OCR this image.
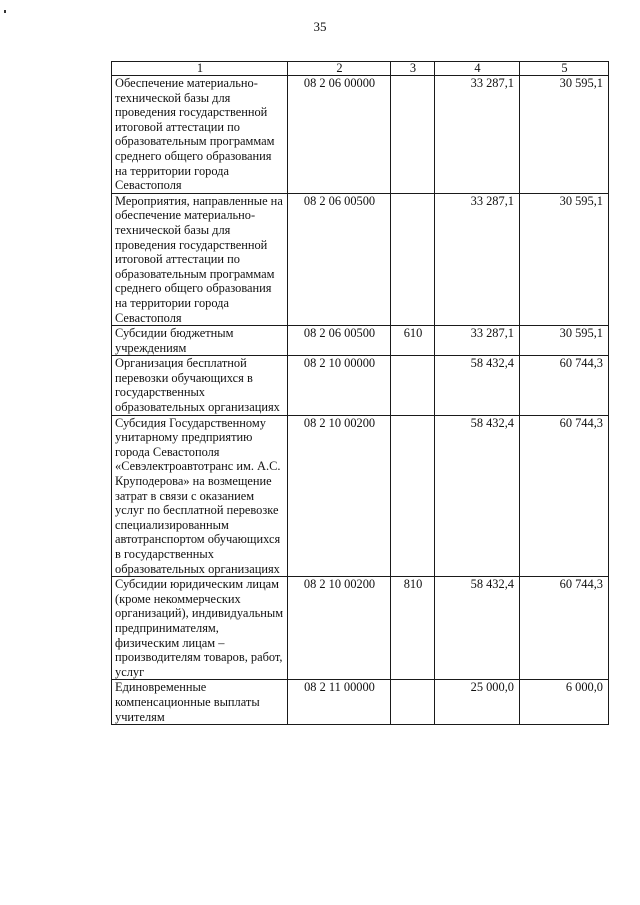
35
1	2	3	4	5
Обеспечение материально-технической базы для проведения государственной итоговой аттестации по образовательным программам среднего общего образования на территории города Севастополя	08 2 06 00000		33 287,1	30 595,1
Мероприятия, направленные на обеспечение материально-технической базы для проведения государственной итоговой аттестации по образовательным программам среднего общего образования на территории города Севастополя	08 2 06 00500		33 287,1	30 595,1
Субсидии бюджетным учреждениям	08 2 06 00500	610	33 287,1	30 595,1
Организация бесплатной перевозки обучающихся в государственных образовательных организациях	08 2 10 00000		58 432,4	60 744,3
Субсидия Государственному унитарному предприятию города Севастополя «Севэлектроавтотранс им. А.С. Круподерова» на возмещение затрат в связи с оказанием услуг по бесплатной перевозке специализированным автотранспортом обучающихся в государственных образовательных организациях	08 2 10 00200		58 432,4	60 744,3
Субсидии юридическим лицам (кроме некоммерческих организаций), индивидуальным предпринимателям, физическим лицам – производителям товаров, работ, услуг	08 2 10 00200	810	58 432,4	60 744,3
Единовременные компенсационные выплаты учителям	08 2 11 00000		25 000,0	6 000,0
